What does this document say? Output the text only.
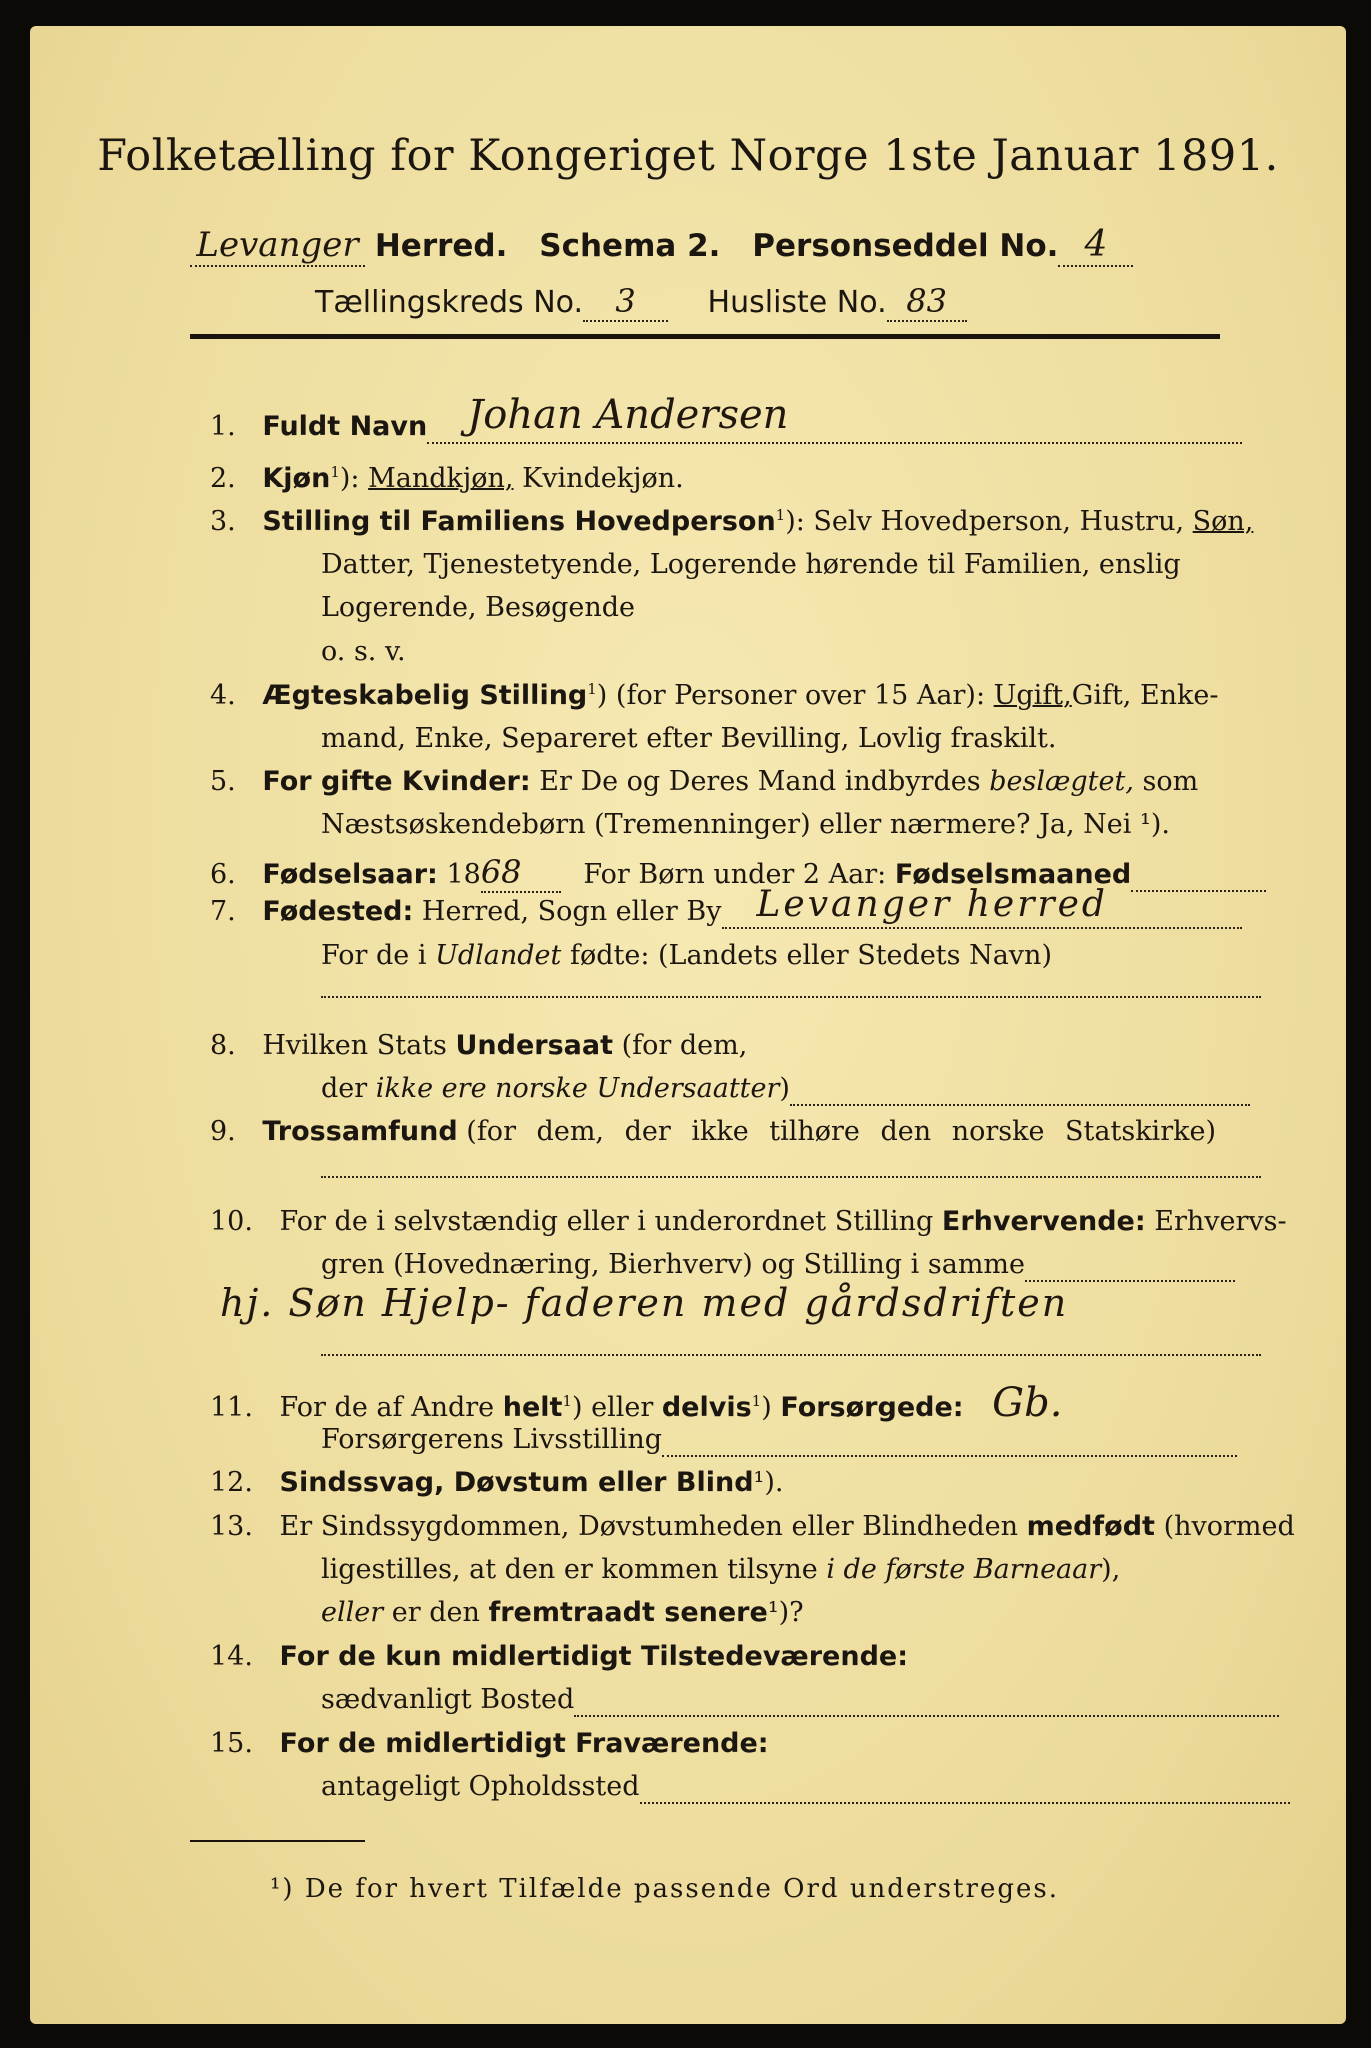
Folketælling for Kongeriget Norge 1ste Januar 1891.
Levanger Herred. Schema 2. Personseddel No. 4
Tællingskreds No. 3 Husliste No. 83
1. Fuldt Navn Johan Andersen

2. Kjøn$^1$): Mandkjøn, Kvindekjøn.
3. Stilling til Familiens Hovedperson$^1$): Selv Hovedperson, Hustru, Søn,
Datter, Tjenestetyende, Logerende hørende til Familien, enslig
Logerende, Besøgende
o. s. v.
4. Ægteskabelig Stilling$^1$) (for Personer over 15 Aar): Ugift,Gift, Enke-
mand, Enke, Separeret efter Bevilling, Lovlig fraskilt.
5. For gifte Kvinder: Er De og Deres Mand indbyrdes beslægtet, som
Næstsøskendebørn (Tremenninger) eller nærmere? Ja, Nei ¹).
6. Fødselsaar: 1868 For Børn under 2 Aar: Fødselsmaaned
7. Fødested: Herred, Sogn eller By Levanger herred

For de i Udlandet fødte: (Landets eller Stedets Navn)
8. Hvilken Stats Undersaat (for dem,
der ikke ere norske Undersaatter)
9. Trossamfund (for dem, der ikke tilhøre den norske Statskirke)
10. For de i selvstændig eller i underordnet Stilling Erhvervende: Erhvervs-
gren (Hovednæring, Bierhverv) og Stilling i samme
hj. Søn Hjelp- faderen med gårdsdriften
11. For de af Andre helt$^1$) eller delvis$^1$) Forsørgede: Gb.
Forsørgerens Livsstilling
12. Sindssvag, Døvstum eller Blind¹).
13. Er Sindssygdommen, Døvstumheden eller Blindheden medfødt (hvormed
ligestilles, at den er kommen tilsyne i de første Barneaar),
eller er den fremtraadt senere¹)?
14. For de kun midlertidigt Tilstedeværende:
sædvanligt Bosted
15. For de midlertidigt Fraværende:
antageligt Opholdssted
¹) De for hvert Tilfælde passende Ord understreges.
